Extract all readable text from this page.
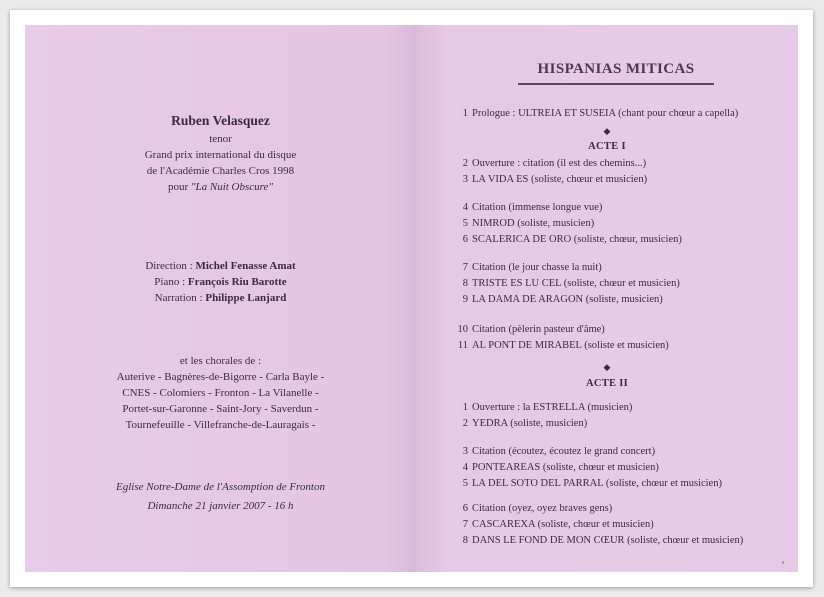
Ruben Velasquez
tenor
Grand prix international du disque
de l'Académie Charles Cros 1998
pour "La Nuit Obscure"
Direction : Michel Fenasse Amat
Piano : François Riu Barotte
Narration : Philippe Lanjard
et les chorales de :
Auterive - Bagnères-de-Bigorre - Carla Bayle -
CNES - Colomiers - Fronton - La Vilanelle -
Portet-sur-Garonne - Saint-Jory - Saverdun -
Tournefeuille - Villefranche-de-Lauragais -
Eglise Notre-Dame de l'Assomption de Fronton
Dimanche 21 janvier 2007 - 16 h
HISPANIAS MITICAS
1 Prologue : ULTREIA ET SUSEIA (chant pour chœur a capella)
◆
ACTE I
2 Ouverture : citation (il est des chemins...)
3 LA VIDA ES (soliste, chœur et musicien)
4 Citation (immense longue vue)
5 NIMROD (soliste, musicien)
6 SCALERICA DE ORO (soliste, chœur, musicien)
7 Citation (le jour chasse la nuit)
8 TRISTE ES LU CEL (soliste, chœur et musicien)
9 LA DAMA DE ARAGON (soliste, musicien)
10 Citation (pèlerin pasteur d'âme)
11 AL PONT DE MIRABEL (soliste et musicien)
◆
ACTE II
1 Ouverture : la ESTRELLA (musicien)
2 YEDRA (soliste, musicien)
3 Citation (écoutez, écoutez le grand concert)
4 PONTEAREAS (soliste, chœur et musicien)
5 LA DEL SOTO DEL PARRAL (soliste, chœur et musicien)
6 Citation (oyez, oyez braves gens)
7 CASCAREXA (soliste, chœur et musicien)
8 DANS LE FOND DE MON CŒUR (soliste, chœur et musicien)
s
